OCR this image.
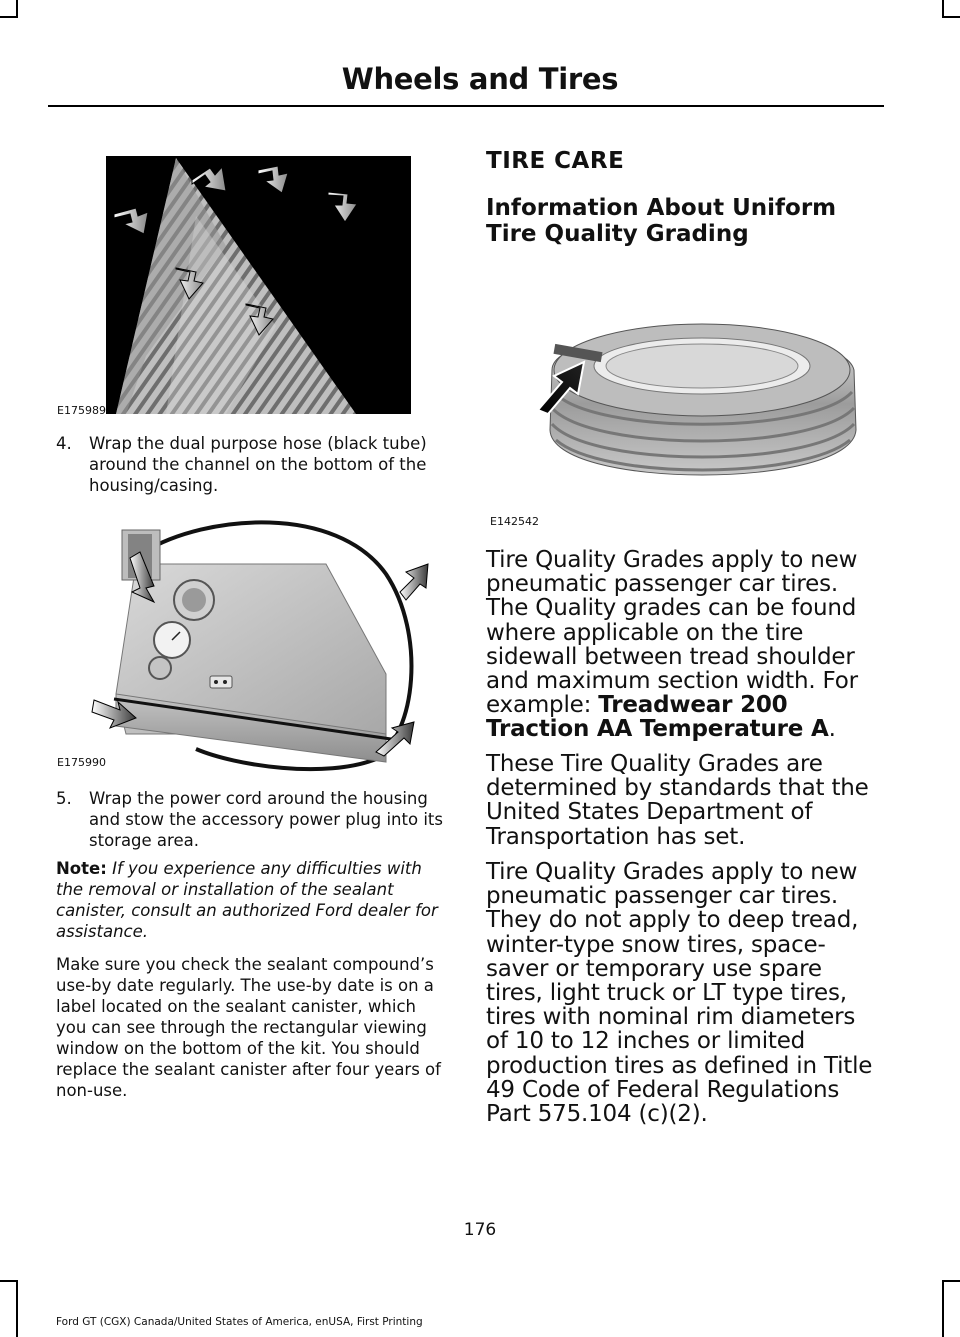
Wheels and Tires
E175989
4.	Wrap the dual purpose hose (black tube) around the channel on the bottom of the housing/casing.
E175990
5.	Wrap the power cord around the housing and stow the accessory power plug into its storage area.
Note: If you experience any difficulties with the removal or installation of the sealant canister, consult an authorized Ford dealer for assistance.
Make sure you check the sealant compound’s use-by date regularly. The use-by date is on a label located on the sealant canister, which you can see through the rectangular viewing window on the bottom of the kit. You should replace the sealant canister after four years of non-use.
TIRE CARE
Information About Uniform Tire Quality Grading
E142542
Tire Quality Grades apply to new pneumatic passenger car tires. The Quality grades can be found where applicable on the tire sidewall between tread shoulder and maximum section width. For example: Treadwear 200 Traction AA Temperature A.
These Tire Quality Grades are determined by standards that the United States Department of Transportation has set.
Tire Quality Grades apply to new pneumatic passenger car tires. They do not apply to deep tread, winter-type snow tires, space-saver or temporary use spare tires, light truck or LT type tires, tires with nominal rim diameters of 10 to 12 inches or limited production tires as defined in Title 49 Code of Federal Regulations Part 575.104 (c)(2).
176
Ford GT (CGX) Canada/United States of America, enUSA, First Printing
